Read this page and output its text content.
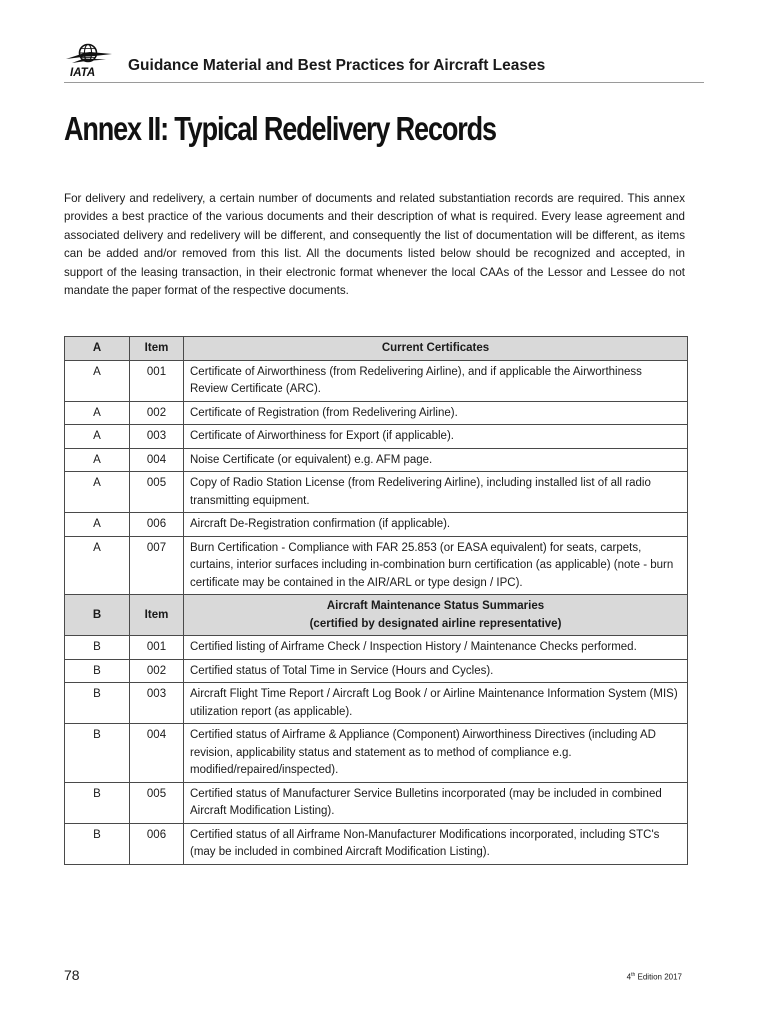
IATA Guidance Material and Best Practices for Aircraft Leases
Annex II: Typical Redelivery Records

For delivery and redelivery, a certain number of documents and related substantiation records are required. This annex provides a best practice of the various documents and their description of what is required. Every lease agreement and associated delivery and redelivery will be different, and consequently the list of documentation will be different, as items can be added and/or removed from this list. All the documents listed below should be recognized and accepted, in support of the leasing transaction, in their electronic format whenever the local CAAs of the Lessor and Lessee do not mandate the paper format of the respective documents.

A	Item	Current Certificates

A	001	Certificate of Airworthiness (from Redelivering Airline), and if applicable the Airworthiness Review Certificate (ARC).
A	002	Certificate of Registration (from Redelivering Airline).
A	003	Certificate of Airworthiness for Export (if applicable).
A	004	Noise Certificate (or equivalent) e.g. AFM page.
A	005	Copy of Radio Station License (from Redelivering Airline), including installed list of all radio transmitting equipment.
A	006	Aircraft De-Registration confirmation (if applicable).
A	007	Burn Certification - Compliance with FAR 25.853 (or EASA equivalent) for seats, carpets, curtains, interior surfaces including in-combination burn certification (as applicable) (note - burn certificate may be contained in the AIR/ARL or type design / IPC).
B	Item	Aircraft Maintenance Status Summaries
(certified by designated airline representative)

B	001	Certified listing of Airframe Check / Inspection History / Maintenance Checks performed.
B	002	Certified status of Total Time in Service (Hours and Cycles).
B	003	Aircraft Flight Time Report / Aircraft Log Book / or Airline Maintenance Information System (MIS) utilization report (as applicable).
B	004	Certified status of Airframe & Appliance (Component) Airworthiness Directives (including AD revision, applicability status and statement as to method of compliance e.g. modified/repaired/inspected).
B	005	Certified status of Manufacturer Service Bulletins incorporated (may be included in combined Aircraft Modification Listing).
B	006	Certified status of all Airframe Non-Manufacturer Modifications incorporated, including STC's (may be included in combined Aircraft Modification Listing).
78	4th Edition 2017
